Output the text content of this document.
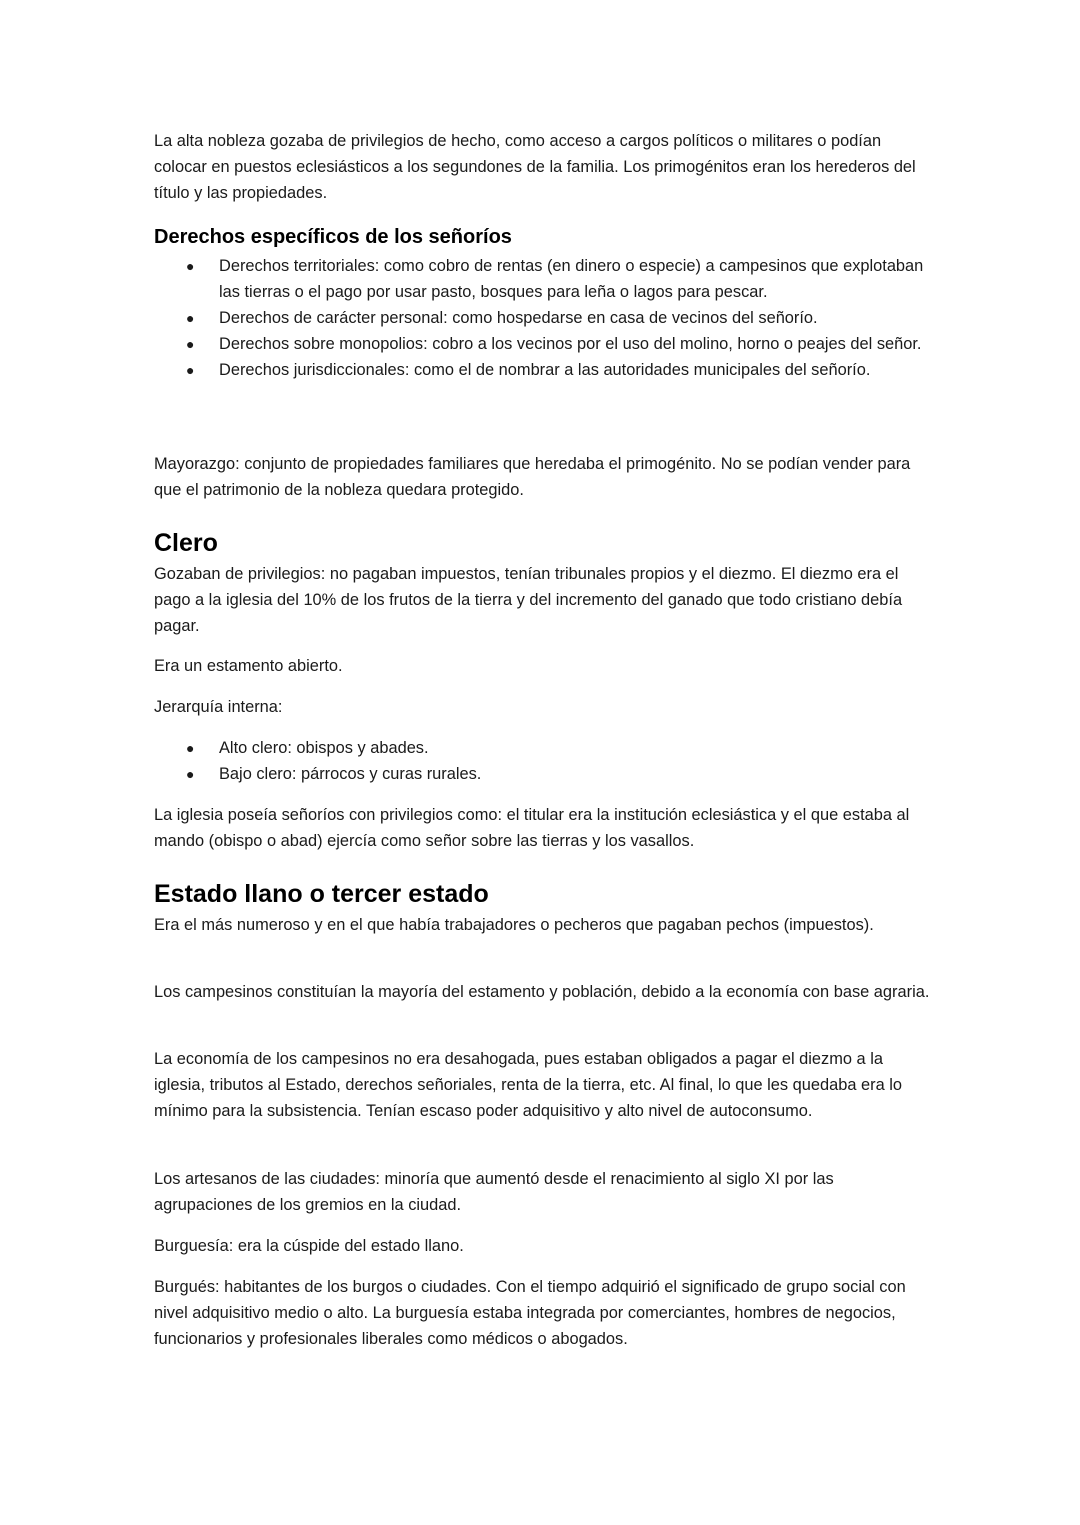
La alta nobleza gozaba de privilegios de hecho, como acceso a cargos políticos o militares o podían colocar en puestos eclesiásticos a los segundones de la familia. Los primogénitos eran los herederos del título y las propiedades.

Derechos específicos de los señoríos
● Derechos territoriales: como cobro de rentas (en dinero o especie) a campesinos que explotaban las tierras o el pago por usar pasto, bosques para leña o lagos para pescar.
● Derechos de carácter personal: como hospedarse en casa de vecinos del señorío.
● Derechos sobre monopolios: cobro a los vecinos por el uso del molino, horno o peajes del señor.
● Derechos jurisdiccionales: como el de nombrar a las autoridades municipales del señorío.

Mayorazgo: conjunto de propiedades familiares que heredaba el primogénito. No se podían vender para que el patrimonio de la nobleza quedara protegido.

Clero

Gozaban de privilegios: no pagaban impuestos, tenían tribunales propios y el diezmo. El diezmo era el pago a la iglesia del 10% de los frutos de la tierra y del incremento del ganado que todo cristiano debía pagar.

Era un estamento abierto.

Jerarquía interna:

● Alto clero: obispos y abades.
● Bajo clero: párrocos y curas rurales.

La iglesia poseía señoríos con privilegios como: el titular era la institución eclesiástica y el que estaba al mando (obispo o abad) ejercía como señor sobre las tierras y los vasallos.

Estado llano o tercer estado

Era el más numeroso y en el que había trabajadores o pecheros que pagaban pechos (impuestos).

Los campesinos constituían la mayoría del estamento y población, debido a la economía con base agraria.

La economía de los campesinos no era desahogada, pues estaban obligados a pagar el diezmo a la iglesia, tributos al Estado, derechos señoriales, renta de la tierra, etc. Al final, lo que les quedaba era lo mínimo para la subsistencia. Tenían escaso poder adquisitivo y alto nivel de autoconsumo.

Los artesanos de las ciudades: minoría que aumentó desde el renacimiento al siglo XI por las agrupaciones de los gremios en la ciudad.

Burguesía: era la cúspide del estado llano.

Burgués: habitantes de los burgos o ciudades. Con el tiempo adquirió el significado de grupo social con nivel adquisitivo medio o alto. La burguesía estaba integrada por comerciantes, hombres de negocios, funcionarios y profesionales liberales como médicos o abogados.
